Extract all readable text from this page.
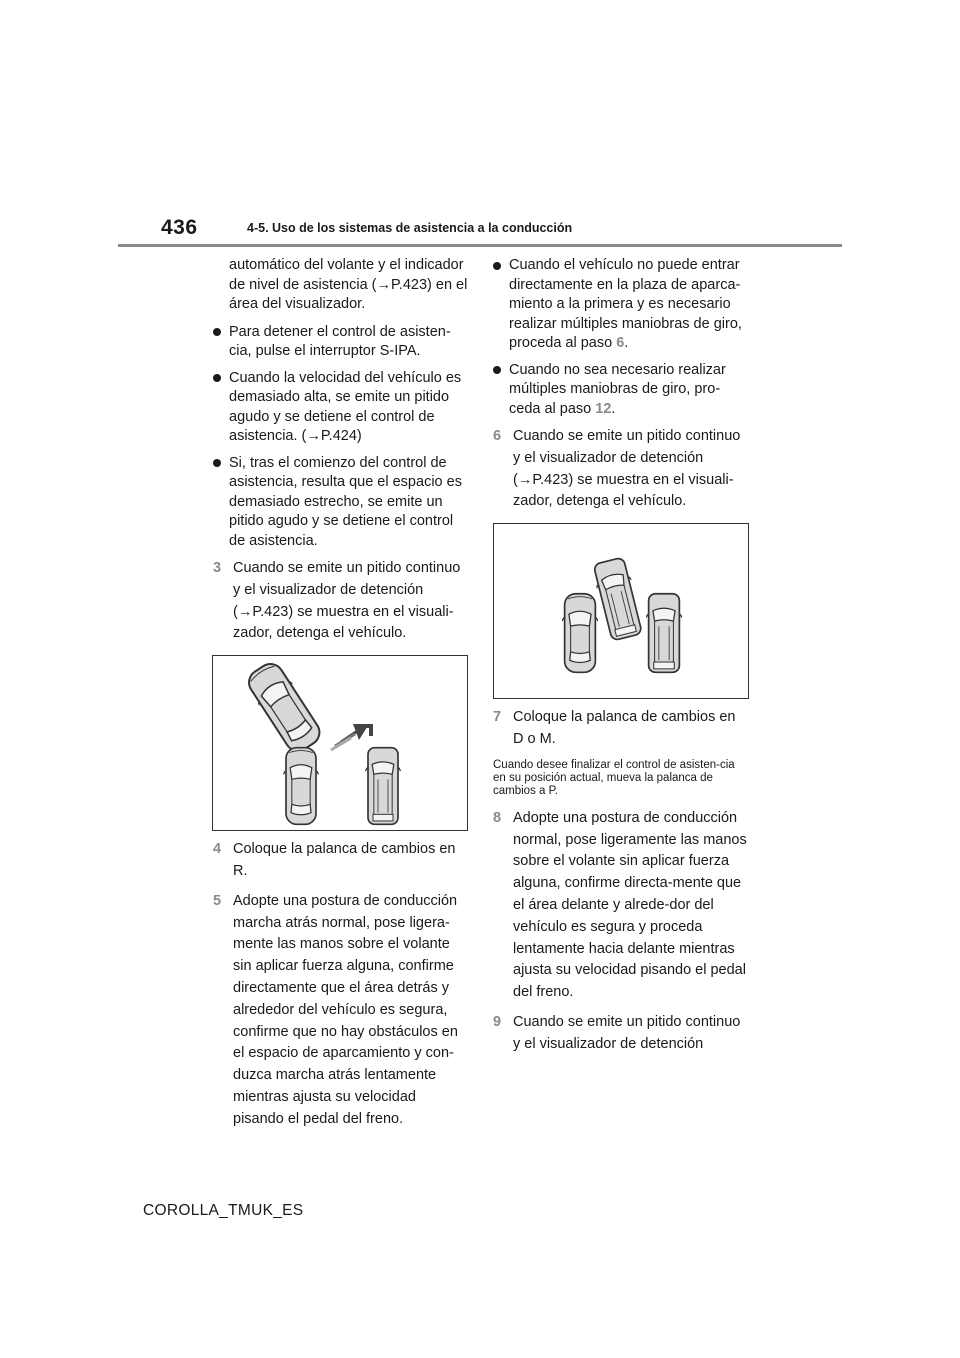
436	4-5. Uso de los sistemas de asistencia a la conducción

automático del volante y el indicador de nivel de asistencia (→P.423) en el área del visualizador.

Para detener el control de asisten-cia, pulse el interruptor S-IPA.
Cuando la velocidad del vehículo es demasiado alta, se emite un pitido agudo y se detiene el control de asistencia. (→P.424)
Si, tras el comienzo del control de asistencia, resulta que el espacio es demasiado estrecho, se emite un pitido agudo y se detiene el control de asistencia.
3 Cuando se emite un pitido continuo y el visualizador de detención (→P.423) se muestra en el visuali-zador, detenga el vehículo.
4 Coloque la palanca de cambios en R.
5 Adopte una postura de conducción marcha atrás normal, pose ligera-mente las manos sobre el volante sin aplicar fuerza alguna, confirme directamente que el área detrás y alrededor del vehículo es segura, confirme que no hay obstáculos en el espacio de aparcamiento y con-duzca marcha atrás lentamente mientras ajusta su velocidad pisando el pedal del freno.
Cuando el vehículo no puede entrar directamente en la plaza de aparca-miento a la primera y es necesario realizar múltiples maniobras de giro, proceda al paso 6.
Cuando no sea necesario realizar múltiples maniobras de giro, pro-ceda al paso 12.
6 Cuando se emite un pitido continuo y el visualizador de detención (→P.423) se muestra en el visuali-zador, detenga el vehículo.
7 Coloque la palanca de cambios en D o M.

Cuando desee finalizar el control de asisten-cia en su posición actual, mueva la palanca de cambios a P.

8 Adopte una postura de conducción normal, pose ligeramente las manos sobre el volante sin aplicar fuerza alguna, confirme directa-mente que el área delante y alrede-dor del vehículo es segura y proceda lentamente hacia delante mientras ajusta su velocidad pisando el pedal del freno.
9 Cuando se emite un pitido continuo y el visualizador de detención
COROLLA_TMUK_ES
